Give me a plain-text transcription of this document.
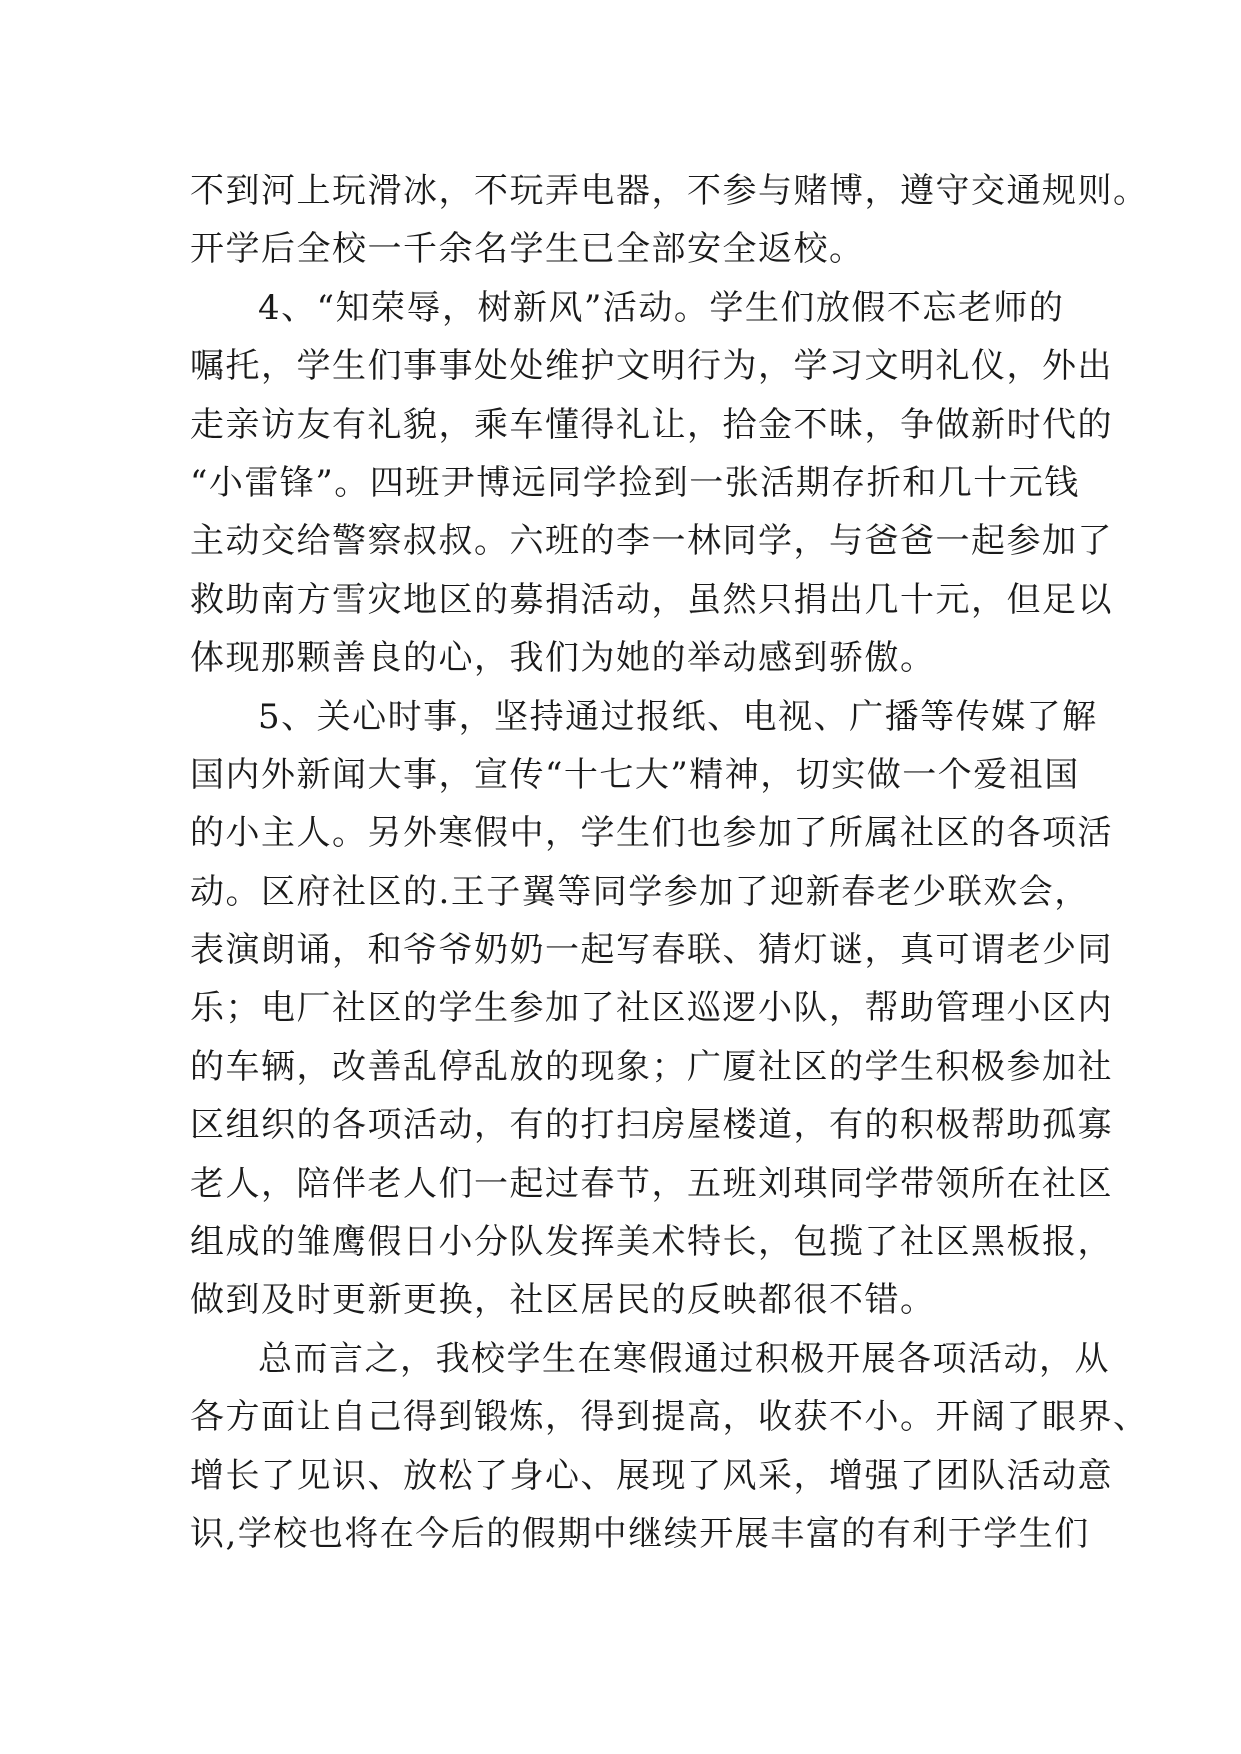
不到河上玩滑冰，不玩弄电器，不参与赌博，遵守交通规则。
开学后全校一千余名学生已全部安全返校。
4、“知荣辱，树新风”活动。学生们放假不忘老师的
嘱托，学生们事事处处维护文明行为，学习文明礼仪，外出
走亲访友有礼貌，乘车懂得礼让，拾金不昧，争做新时代的
“小雷锋”。四班尹博远同学捡到一张活期存折和几十元钱
主动交给警察叔叔。六班的李一林同学，与爸爸一起参加了
救助南方雪灾地区的募捐活动，虽然只捐出几十元，但足以
体现那颗善良的心，我们为她的举动感到骄傲。
5、关心时事，坚持通过报纸、电视、广播等传媒了解
国内外新闻大事，宣传“十七大”精神，切实做一个爱祖国
的小主人。另外寒假中，学生们也参加了所属社区的各项活
动。区府社区的.王子翼等同学参加了迎新春老少联欢会，
表演朗诵，和爷爷奶奶一起写春联、猜灯谜，真可谓老少同
乐；电厂社区的学生参加了社区巡逻小队，帮助管理小区内
的车辆，改善乱停乱放的现象；广厦社区的学生积极参加社
区组织的各项活动，有的打扫房屋楼道，有的积极帮助孤寡
老人，陪伴老人们一起过春节，五班刘琪同学带领所在社区
组成的雏鹰假日小分队发挥美术特长，包揽了社区黑板报，
做到及时更新更换，社区居民的反映都很不错。
总而言之，我校学生在寒假通过积极开展各项活动，从
各方面让自己得到锻炼，得到提高，收获不小。开阔了眼界、
增长了见识、放松了身心、展现了风采，增强了团队活动意
识,学校也将在今后的假期中继续开展丰富的有利于学生们
